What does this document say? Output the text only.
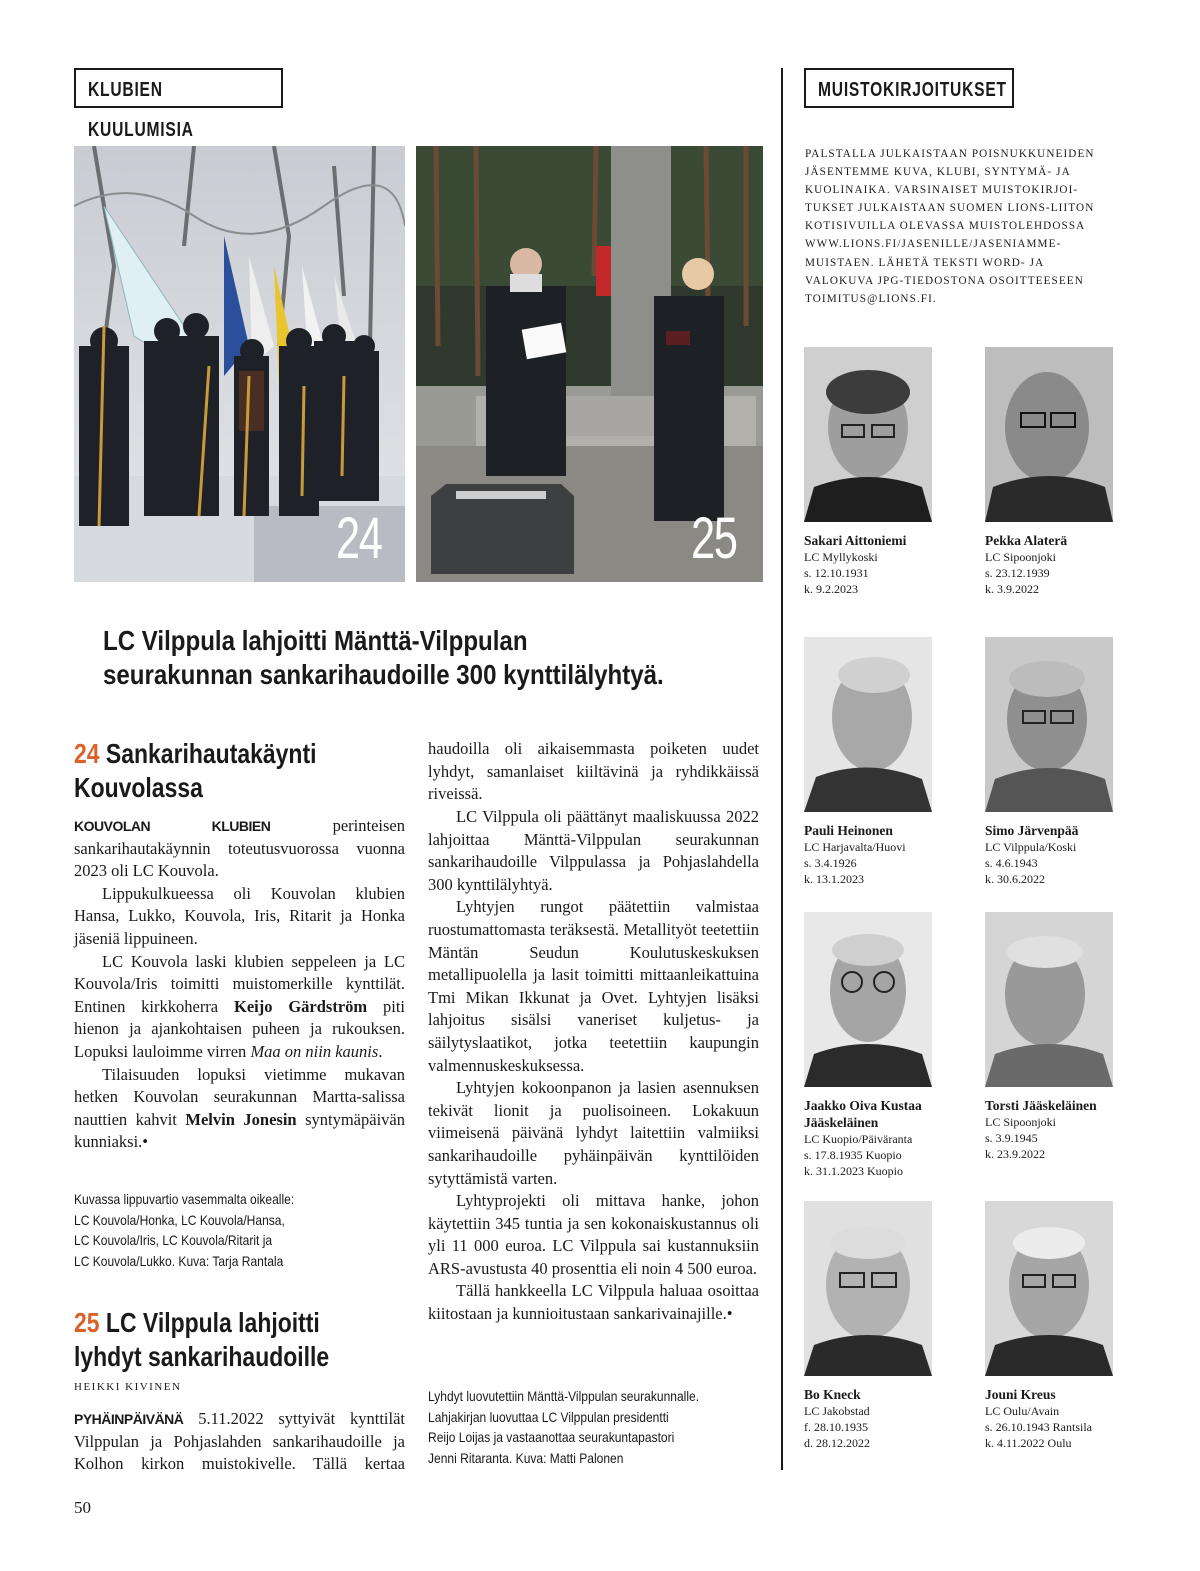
KLUBIEN KUULUMISIA
MUISTOKIRJOITUKSET
24	25
LC Vilppula lahjoitti Mänttä-Vilppulan
seurakunnan sankarihaudoille 300 kynttilälyhtyä.
24 Sankarihautakäynti
Kouvolassa

KOUVOLAN KLUBIEN perinteisen sankarihautakäynnin toteutusvuorossa vuonna 2023 oli LC Kouvola.

Lippukulkueessa oli Kouvolan klubien Hansa, Lukko, Kouvola, Iris, Ritarit ja Honka jäseniä lippuineen.

LC Kouvola laski klubien seppeleen ja LC Kouvola/Iris toimitti muistomerkille kynttilät. Entinen kirkkoherra Keijo Gärdström piti hienon ja ajankohtaisen puheen ja rukouksen. Lopuksi lauloimme virren Maa on niin kaunis.

Tilaisuuden lopuksi vietimme mukavan hetken Kouvolan seurakunnan Martta-salissa nauttien kahvit Melvin Jonesin syntymäpäivän kunniaksi.•

Kuvassa lippuvartio vasemmalta oikealle:
LC Kouvola/Honka, LC Kouvola/Hansa,
LC Kouvola/Iris, LC Kouvola/Ritarit ja
LC Kouvola/Lukko. Kuva: Tarja Rantala
25 LC Vilppula lahjoitti
lyhdyt sankarihaudoille
HEIKKI KIVINEN

PYHÄINPÄIVÄNÄ 5.11.2022 syttyivät kynttilät Vilppulan ja Pohjaslahden sankarihaudoille ja Kolhon kirkon muistokivelle. Tällä kertaa

haudoilla oli aikaisemmasta poiketen uudet lyhdyt, samanlaiset kiiltävinä ja ryhdikkäissä riveissä.

LC Vilppula oli päättänyt maaliskuussa 2022 lahjoittaa Mänttä-Vilppulan seurakunnan sankarihaudoille Vilppulassa ja Pohjaslahdella 300 kynttilälyhtyä.

Lyhtyjen rungot päätettiin valmistaa ruostumattomasta teräksestä. Metallityöt teetettiin Mäntän Seudun Koulutuskeskuksen metallipuolella ja lasit toimitti mittaanleikattuina Tmi Mikan Ikkunat ja Ovet. Lyhtyjen lisäksi lahjoitus sisälsi vaneriset kuljetus- ja säilytyslaatikot, jotka teetettiin kaupungin valmennuskeskuksessa.

Lyhtyjen kokoonpanon ja lasien asennuksen tekivät lionit ja puolisoineen. Lokakuun viimeisenä päivänä lyhdyt laitettiin valmiiksi sankarihaudoille pyhäinpäivän kynttilöiden sytyttämistä varten.

Lyhtyprojekti oli mittava hanke, johon käytettiin 345 tuntia ja sen kokonaiskustannus oli yli 11 000 euroa. LC Vilppula sai kustannuksiin ARS-avustusta 40 prosenttia eli noin 4 500 euroa.

Tällä hankkeella LC Vilppula haluaa osoittaa kiitostaan ja kunnioitustaan sankarivainajille.•

Lyhdyt luovutettiin Mänttä-Vilppulan seurakunnalle.
Lahjakirjan luovuttaa LC Vilppulan presidentti
Reijo Loijas ja vastaanottaa seurakuntapastori
Jenni Ritaranta. Kuva: Matti Palonen
PALSTALLA JULKAISTAAN POISNUKKUNEIDEN
JÄSENTEMME KUVA, KLUBI, SYNTYMÄ- JA
KUOLINAIKA. VARSINAISET MUISTOKIRJOI-
TUKSET JULKAISTAAN SUOMEN LIONS-LIITON
KOTISIVUILLA OLEVASSA MUISTOLEHDOSSA
WWW.LIONS.FI/JASENILLE/JASENIAMME-
MUISTAEN. LÄHETÄ TEKSTI WORD- JA
VALOKUVA JPG-TIEDOSTONA OSOITTEESEEN
TOIMITUS@LIONS.FI.
Sakari Aittoniemi
LC Myllykoski
s. 12.10.1931
k. 9.2.2023
Pekka Alaterä
LC Sipoonjoki
s. 23.12.1939
k. 3.9.2022
Pauli Heinonen
LC Harjavalta/Huovi
s. 3.4.1926
k. 13.1.2023
Simo Järvenpää
LC Vilppula/Koski
s. 4.6.1943
k. 30.6.2022
Jaakko Oiva Kustaa Jääskeläinen
LC Kuopio/Päiväranta
s. 17.8.1935 Kuopio
k. 31.1.2023 Kuopio
Torsti Jääskeläinen
LC Sipoonjoki
s. 3.9.1945
k. 23.9.2022
Bo Kneck
LC Jakobstad
f. 28.10.1935
d. 28.12.2022
Jouni Kreus
LC Oulu/Avain
s. 26.10.1943 Rantsila
k. 4.11.2022 Oulu
50
